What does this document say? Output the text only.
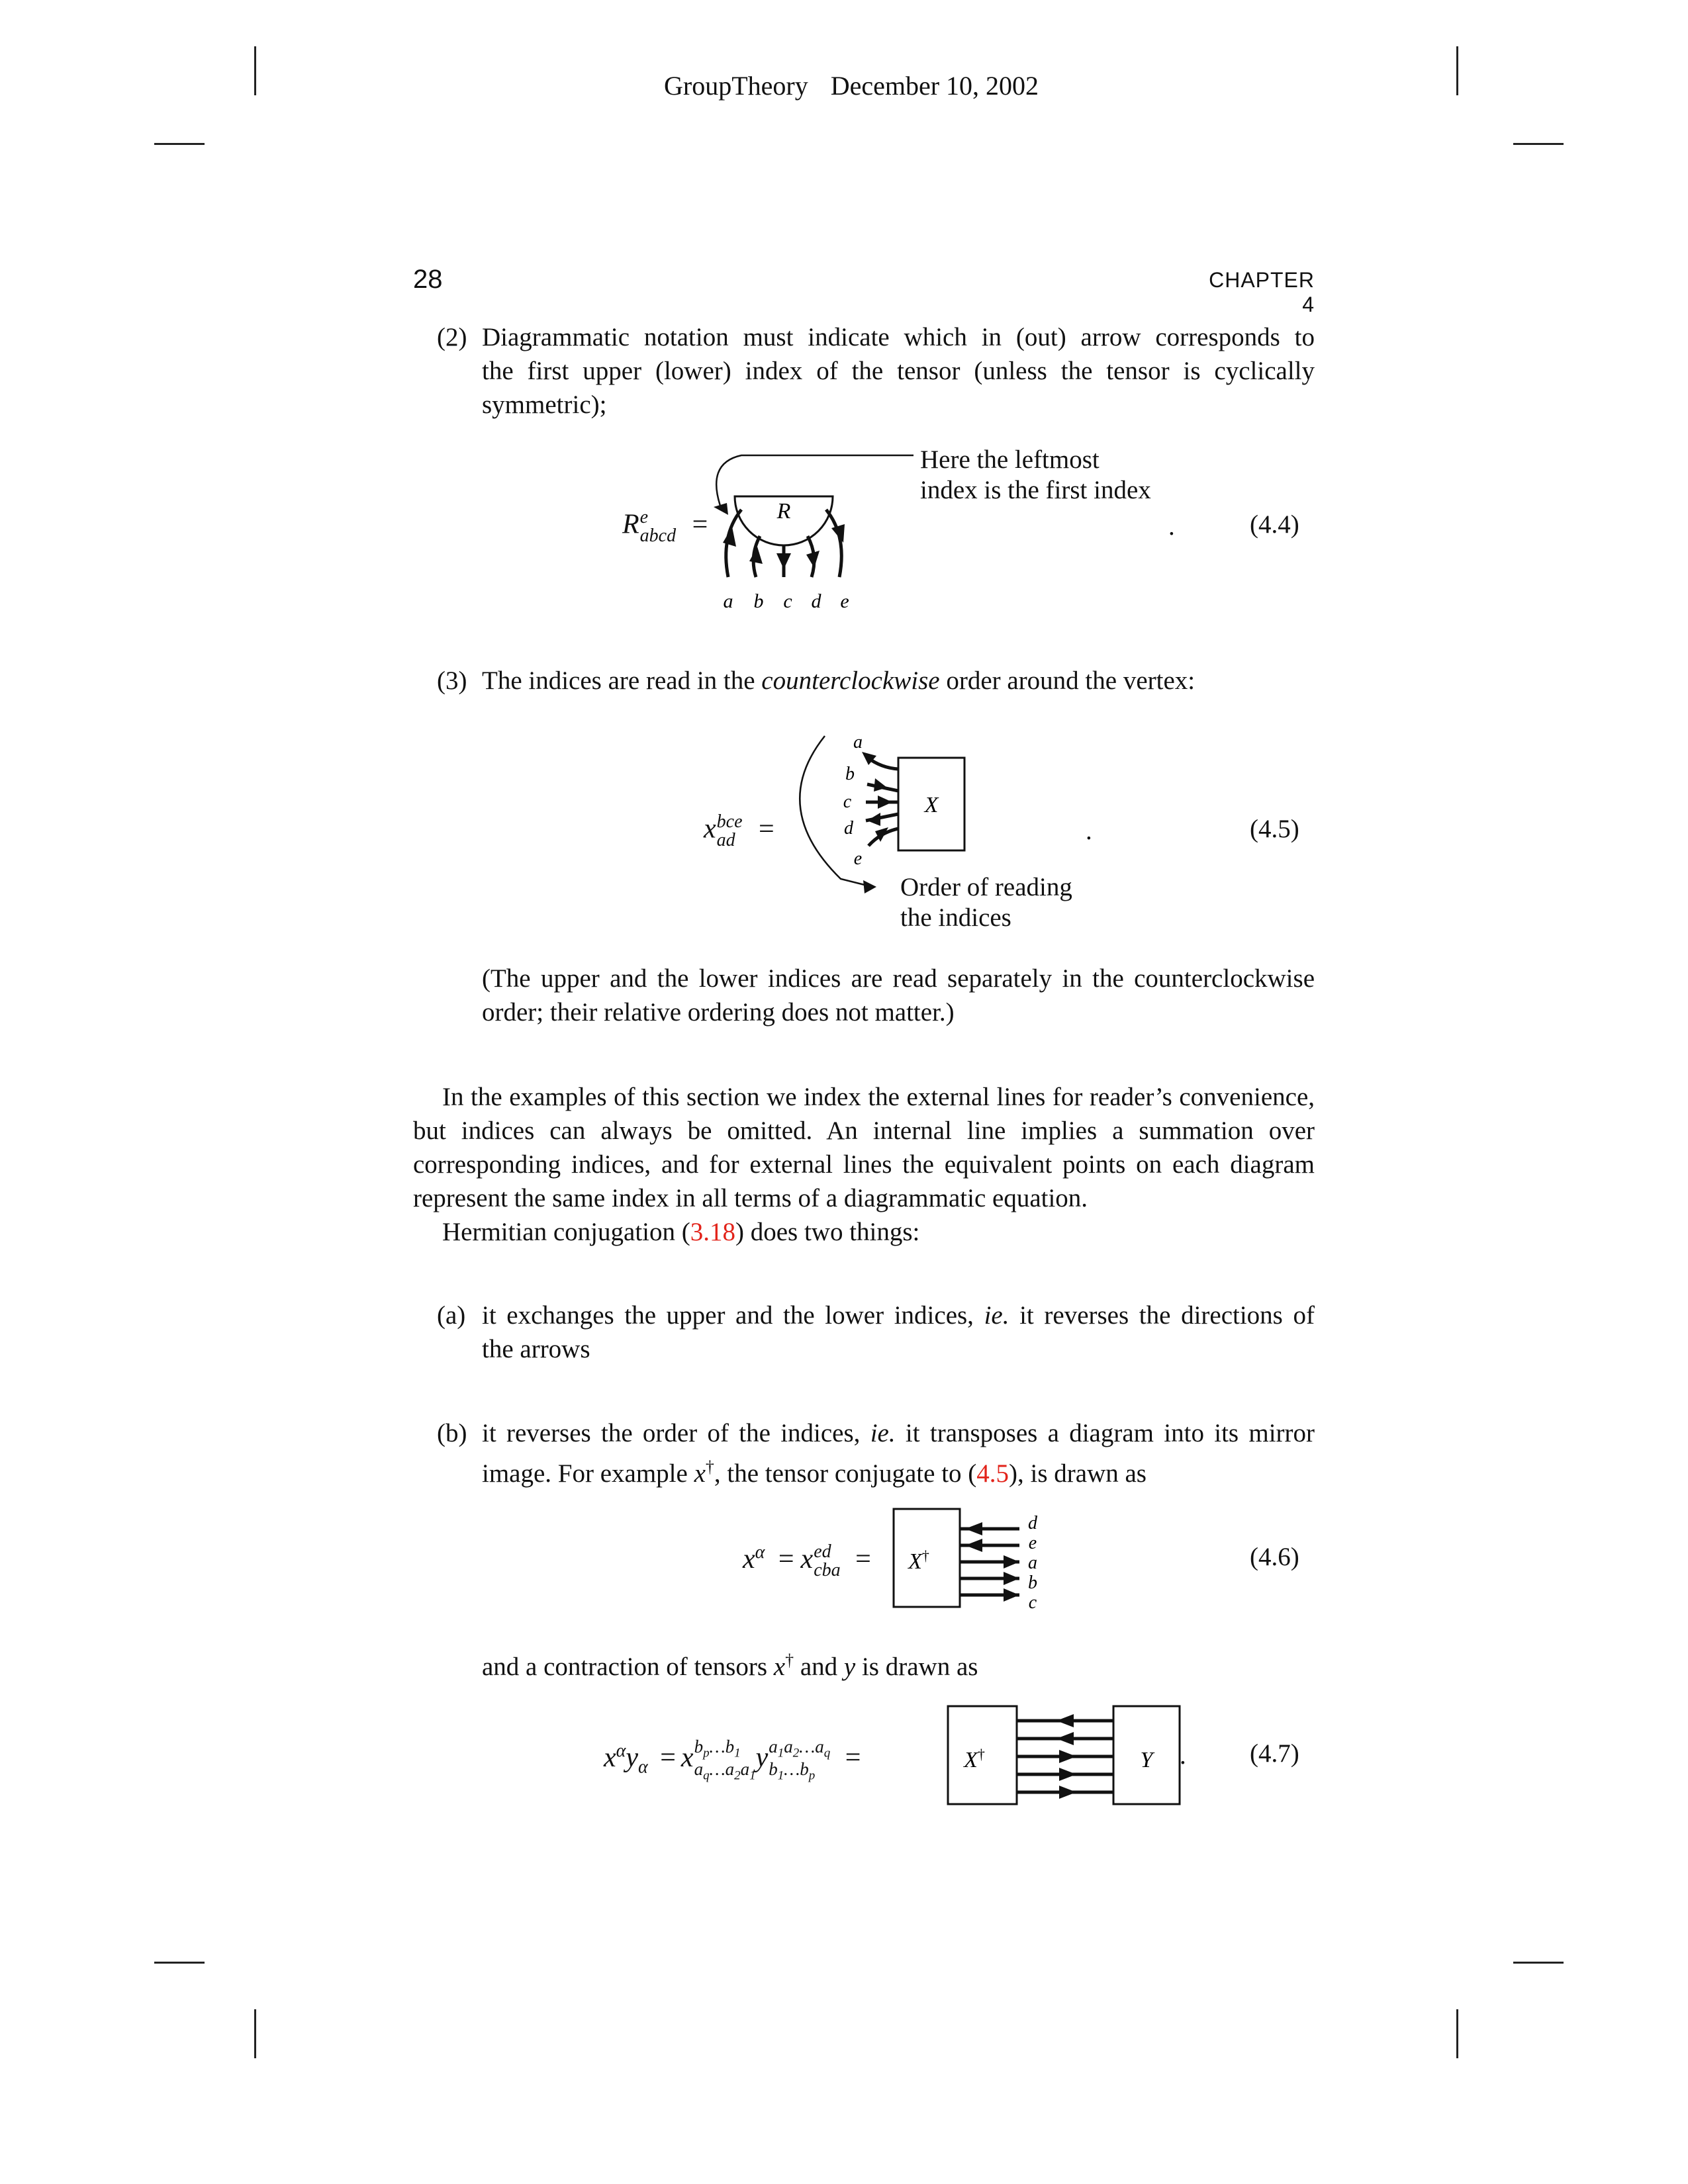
GroupTheory December 10, 2002
28	CHAPTER 4
(2) Diagrammatic notation must indicate which in (out) arrow corresponds to
the first upper (lower) index of the tensor (unless the tensor is cyclically
symmetric);
R e
abcd =	R
a b c d e
Here the leftmost
index is the first index
.	(4.4)
(3) The indices are read in the counterclockwise order around the vertex:
x bce
ad =
X
a
b
c
d
e
Order of reading
the indices
.	(4.5)
(The upper and the lower indices are read separately in the counterclockwise
order; their relative ordering does not matter.)
In the examples of this section we index the external lines for reader’s convenience,
but indices can always be omitted. An internal line implies a summation over
corresponding indices, and for external lines the equivalent points on each diagram
represent the same index in all terms of a diagrammatic equation.
Hermitian conjugation (3.18) does two things:
(a) it exchanges the upper and the lower indices, ie. it reverses the directions of
the arrows
(b) it reverses the order of the indices, ie. it transposes a diagram into its mirror
image. For example x†, the tensor conjugate to (4.5), is drawn as
$x^\alpha = x$ ed
cba = X†
d
e
a
b
c
(4.6)
and a contraction of tensors x† and y is drawn as
$x^\alpha y_\alpha = x$ $b_p\dots b_1$
$a_q\dots a_2a_1$
y $a_1a_2\dots a_q$
$b_1\dots b_p$
=	X†	Y . (4.7)
